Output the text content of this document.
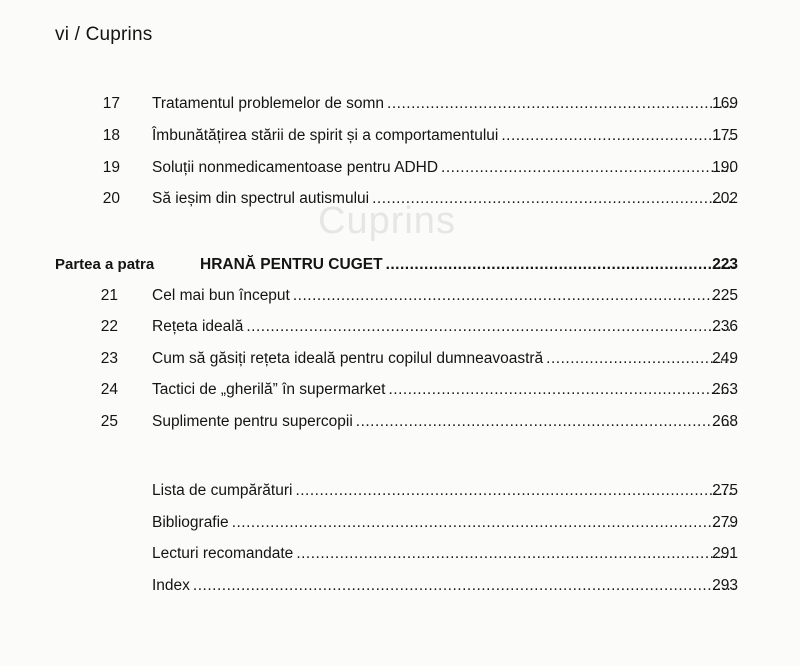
vi / Cuprins
Cuprins
17 Tratamentul problemelor de somn .....	169
18 Îmbunătățirea stării de spirit și a comportamentului .....	175
19 Soluții nonmedicamentoase pentru ADHD .....	190
20 Să ieșim din spectrul autismului .....	202
Partea a patra	HRANĂ PENTRU CUGET .....	223
21 Cel mai bun început .....	225
22 Rețeta ideală .....	236
23 Cum să găsiți rețeta ideală pentru copilul dumneavoastră .....	249
24 Tactici de „gherilă” în supermarket .....	263
25 Suplimente pentru supercopii .....	268
Lista de cumpărături .....	275
Bibliografie .....	279
Lecturi recomandate .....	291
Index .....	293
